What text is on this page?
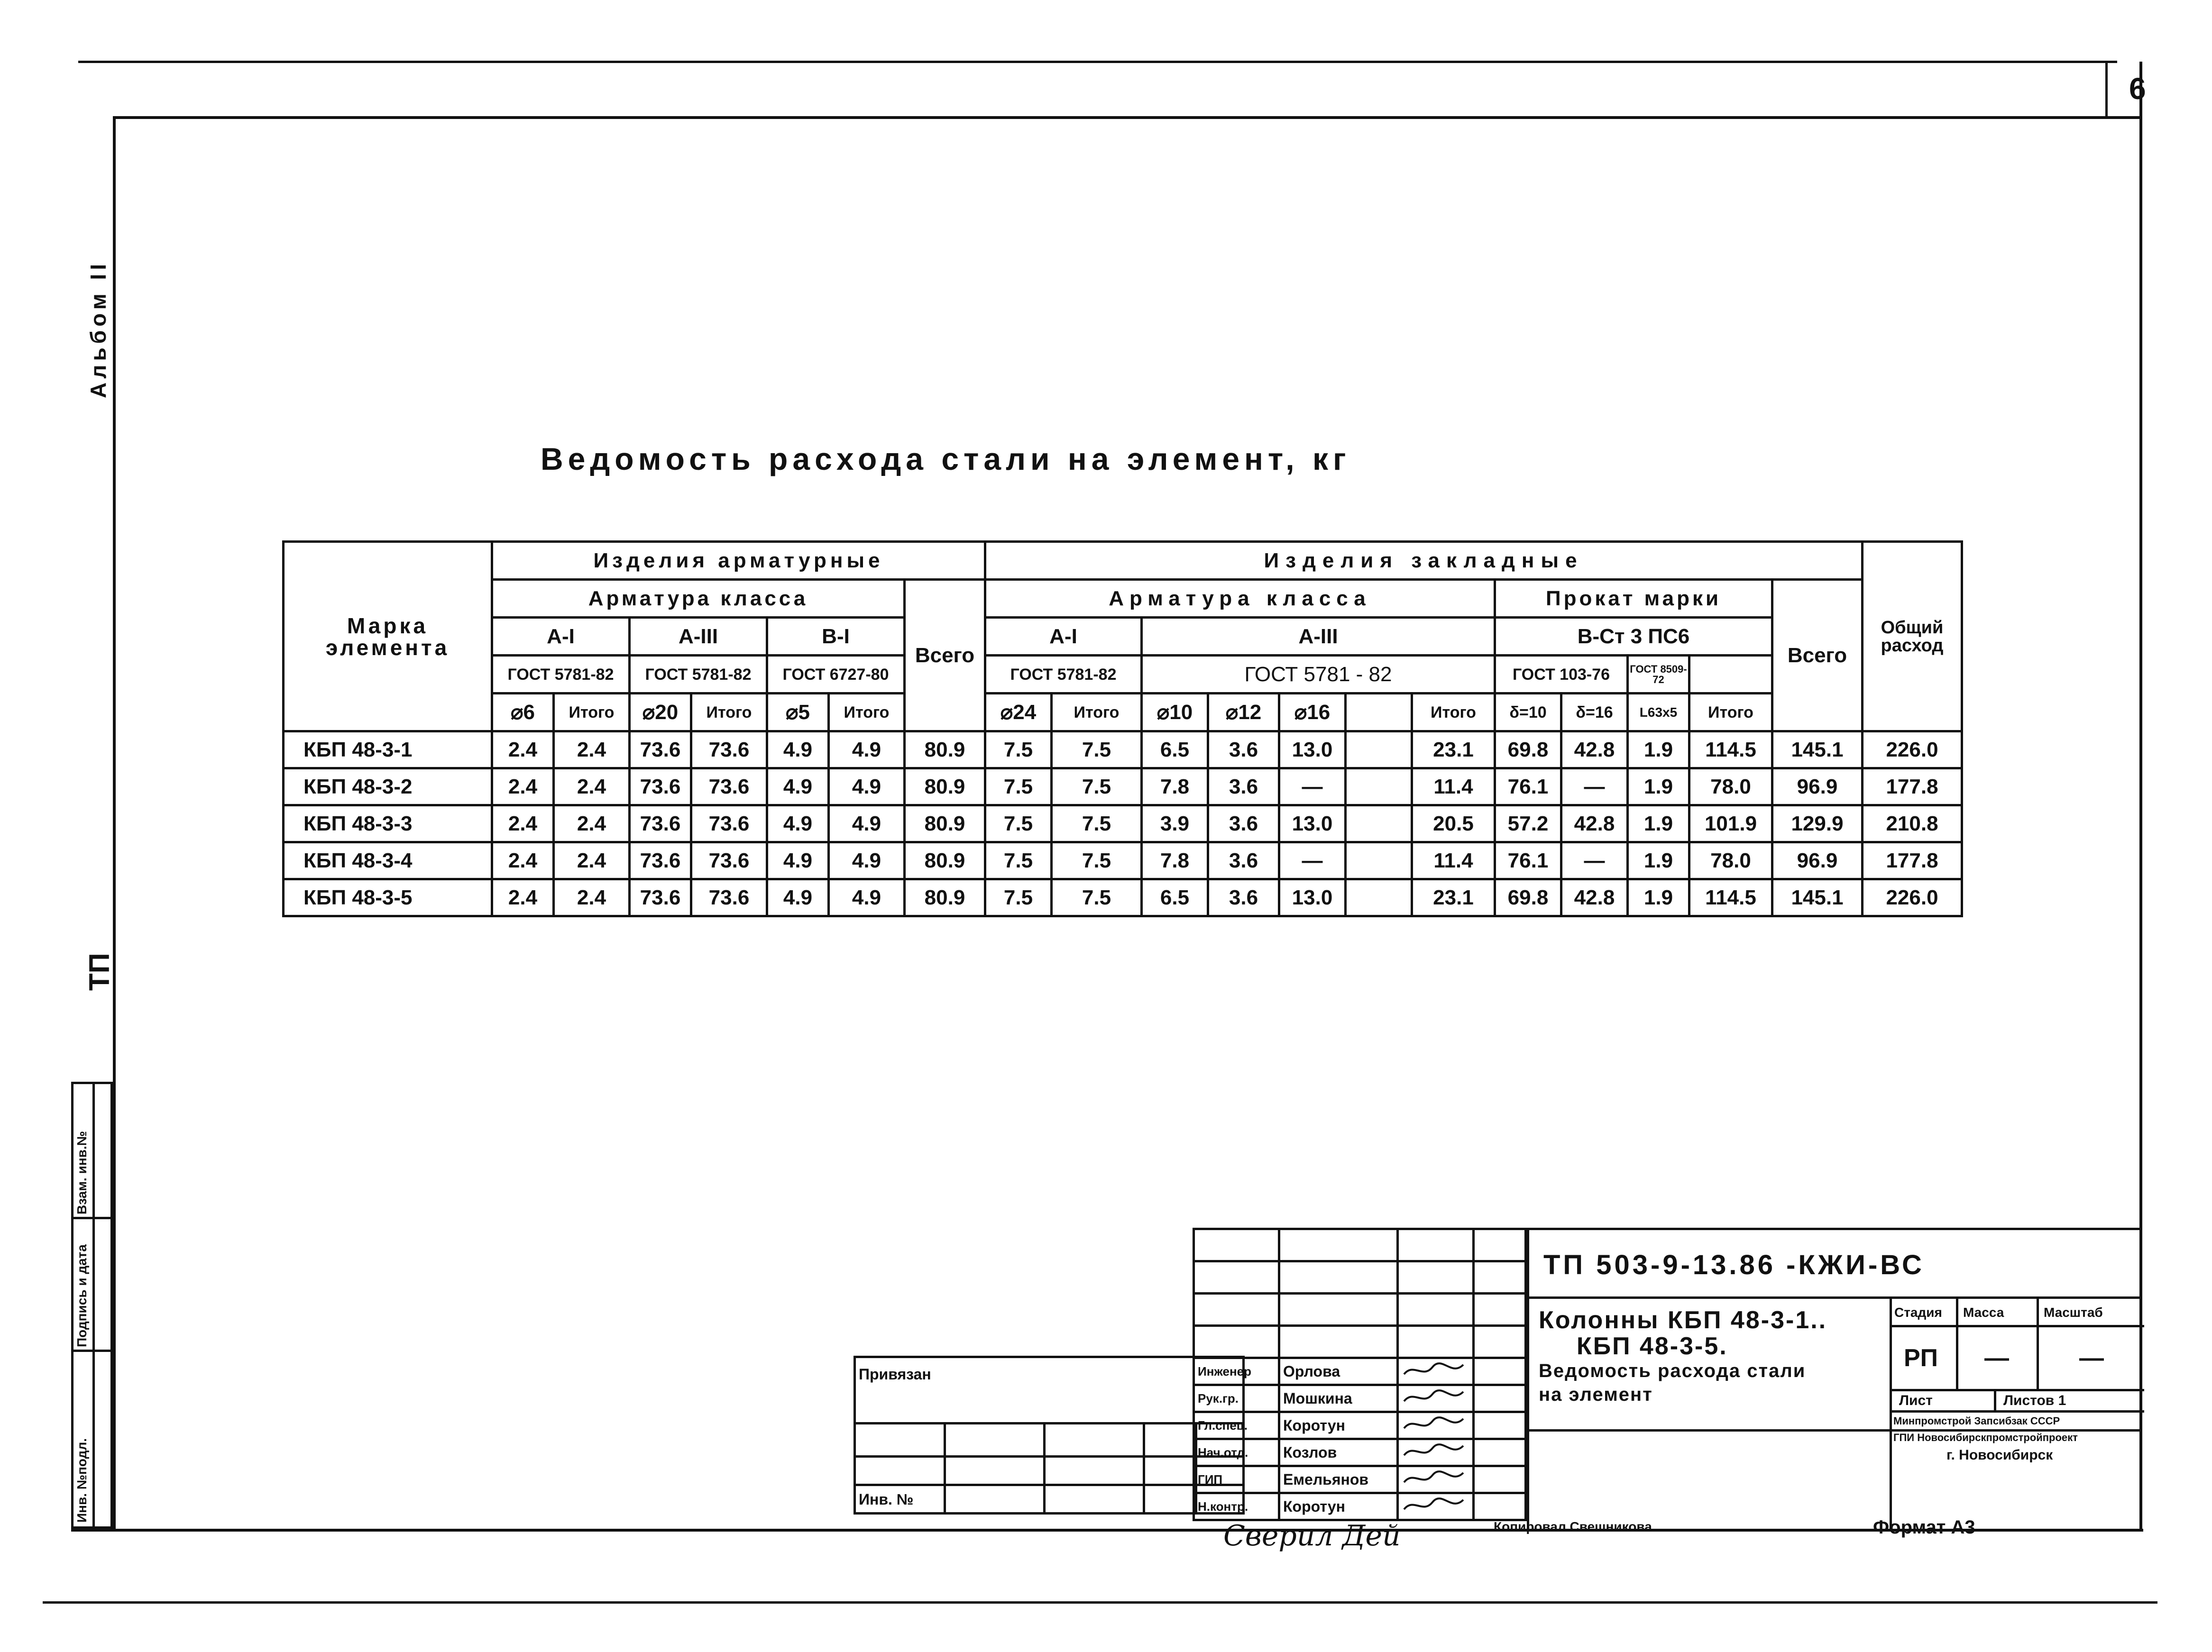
6
Альбом II
ТП
Инв. №подл.
Подпись и дата
Взам. инв.№
Ведомость расхода стали на элемент, кг
Марка элемента	Изделия арматурные							Изделия закладные												Общий расход
	Арматура класса						Всего	Арматура класса							Прокат марки				Всего	
	А-I		А-III		В-I			А-I		А-III					В-Ст 3 ПС6					
	ГОСТ 5781-82		ГОСТ 5781-82		ГОСТ 6727-80			ГОСТ 5781-82		ГОСТ 5781 - 82					ГОСТ 103-76		ГОСТ 8509-72			
	⌀6	Итого	⌀20	Итого	⌀5	Итого		⌀24	Итого	⌀10	⌀12	⌀16		Итого	δ=10	δ=16	L63x5	Итого		
КБП 48-3-1	2.4	2.4	73.6	73.6	4.9	4.9	80.9	7.5	7.5	6.5	3.6	13.0		23.1	69.8	42.8	1.9	114.5	145.1	226.0
КБП 48-3-2	2.4	2.4	73.6	73.6	4.9	4.9	80.9	7.5	7.5	7.8	3.6	—		11.4	76.1	—	1.9	78.0	96.9	177.8
КБП 48-3-3	2.4	2.4	73.6	73.6	4.9	4.9	80.9	7.5	7.5	3.9	3.6	13.0		20.5	57.2	42.8	1.9	101.9	129.9	210.8
КБП 48-3-4	2.4	2.4	73.6	73.6	4.9	4.9	80.9	7.5	7.5	7.8	3.6	—		11.4	76.1	—	1.9	78.0	96.9	177.8
КБП 48-3-5	2.4	2.4	73.6	73.6	4.9	4.9	80.9	7.5	7.5	6.5	3.6	13.0		23.1	69.8	42.8	1.9	114.5	145.1	226.0
Привязан				

Инв. №				

Инженер	Орлова		
Рук.гр.	Мошкина		
Гл.спец.	Коротун		
Нач.отд.	Козлов		
ГИП	Емельянов		
Н.контр.	Коротун		
ТП 503-9-13.86 -КЖИ-ВС
Колонны КБП 48-3-1..
КБП 48-3-5.
Ведомость расхода стали
на элемент
Стадия Масса	Масштаб
РП —	—
Лист	Листов 1
Минпромстрой Запсибзак СССР
ГПИ Новосибирскпромстройпроект
г. Новосибирск
Сверил Дей	Копировал Свешникова	Формат А3
